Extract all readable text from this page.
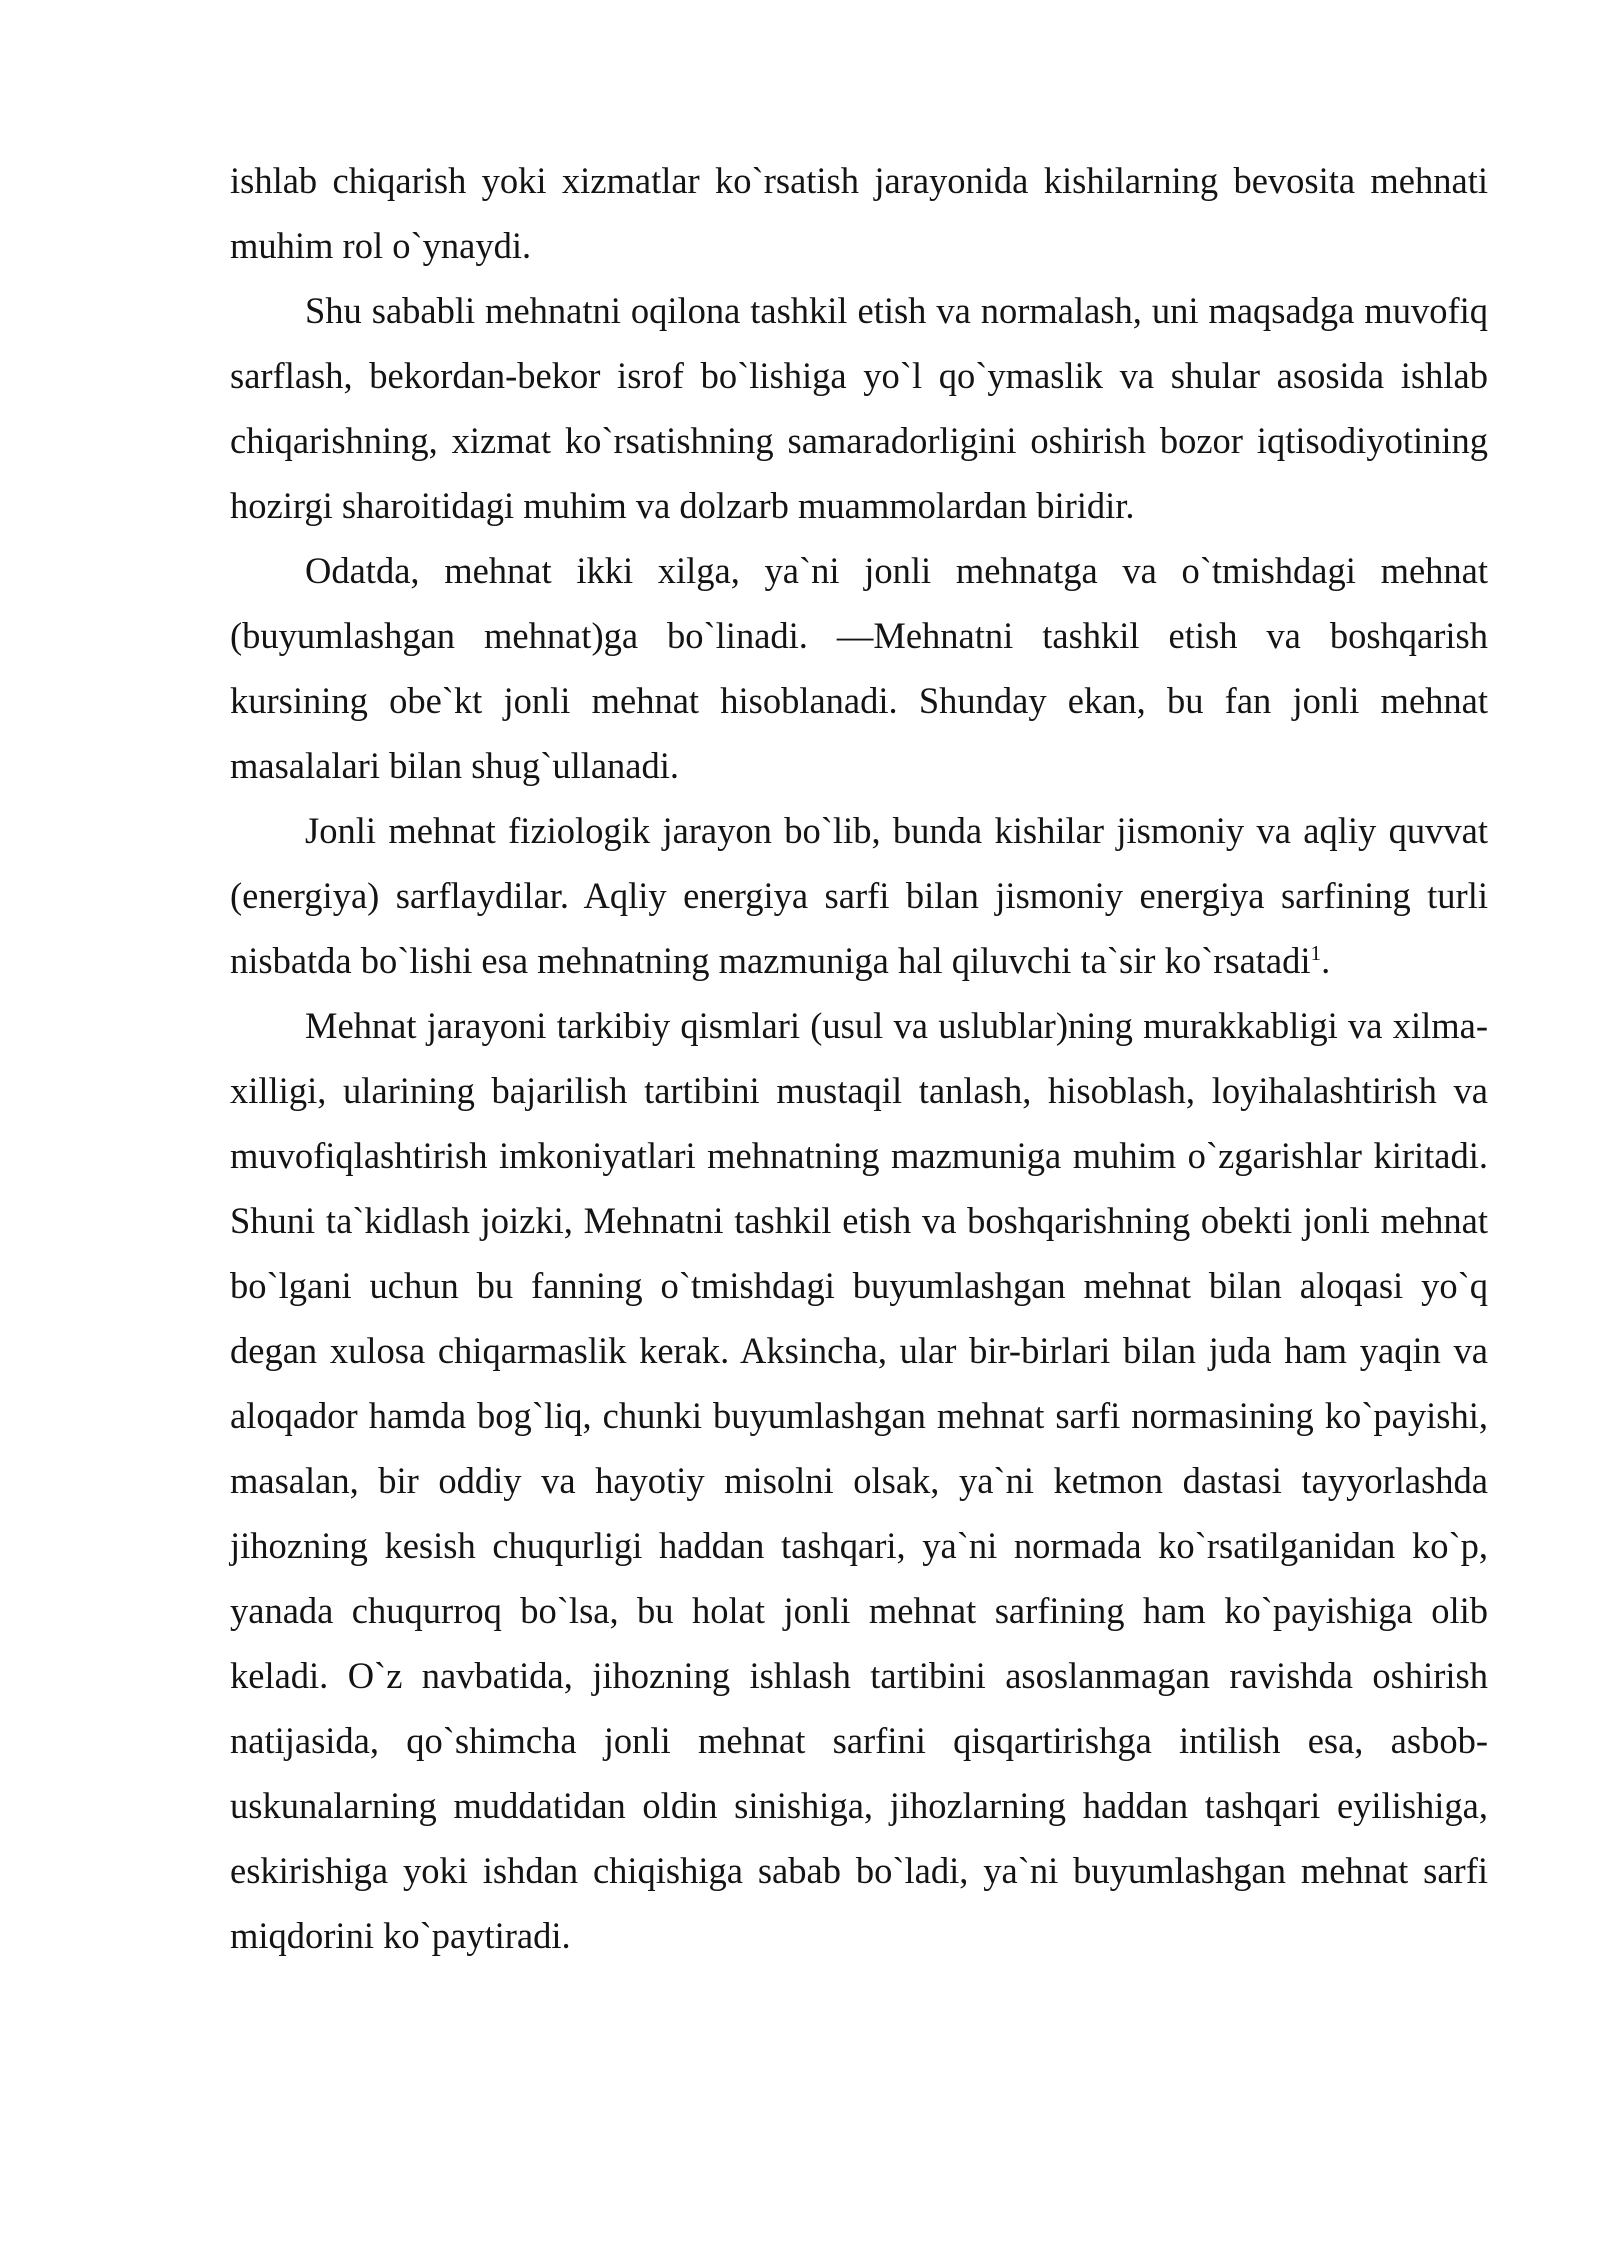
ishlab chiqarish yoki xizmatlar ko`rsatish jarayonida kishilarning bevosita mehnati muhim rol o`ynaydi.

Shu sababli mehnatni oqilona tashkil etish va normalash, uni maqsadga muvofiq sarflash, bekordan-bekor isrof bo`lishiga yo`l qo`ymaslik va shular asosida ishlab chiqarishning, xizmat ko`rsatishning samaradorligini oshirish bozor iqtisodiyotining hozirgi sharoitidagi muhim va dolzarb muammolardan biridir.

Odatda, mehnat ikki xilga, ya`ni jonli mehnatga va o`tmishdagi mehnat (buyumlashgan mehnat)ga bo`linadi. ―Mehnatni tashkil etish va boshqarish kursining obe`kt jonli mehnat hisoblanadi. Shunday ekan, bu fan jonli mehnat masalalari bilan shug`ullanadi.

Jonli mehnat fiziologik jarayon bo`lib, bunda kishilar jismoniy va aqliy quvvat (energiya) sarflaydilar. Aqliy energiya sarfi bilan jismoniy energiya sarfining turli nisbatda bo`lishi esa mehnatning mazmuniga hal qiluvchi ta`sir ko`rsatadi$^1$.

Mehnat jarayoni tarkibiy qismlari (usul va uslublar)ning murakkabligi va xilma-xilligi, ularining bajarilish tartibini mustaqil tanlash, hisoblash, loyihalashtirish va muvofiqlashtirish imkoniyatlari mehnatning mazmuniga muhim o`zgarishlar kiritadi. Shuni ta`kidlash joizki, Mehnatni tashkil etish va boshqarishning obekti jonli mehnat bo`lgani uchun bu fanning o`tmishdagi buyumlashgan mehnat bilan aloqasi yo`q degan xulosa chiqarmaslik kerak. Aksincha, ular bir-birlari bilan juda ham yaqin va aloqador hamda bog`liq, chunki buyumlashgan mehnat sarfi normasining ko`payishi, masalan, bir oddiy va hayotiy misolni olsak, ya`ni ketmon dastasi tayyorlashda jihozning kesish chuqurligi haddan tashqari, ya`ni normada ko`rsatilganidan ko`p, yanada chuqurroq bo`lsa, bu holat jonli mehnat sarfining ham ko`payishiga olib keladi. O`z navbatida, jihozning ishlash tartibini asoslanmagan ravishda oshirish natijasida, qo`shimcha jonli mehnat sarfini qisqartirishga intilish esa, asbob-uskunalarning muddatidan oldin sinishiga, jihozlarning haddan tashqari eyilishiga, eskirishiga yoki ishdan chiqishiga sabab bo`ladi, ya`ni buyumlashgan mehnat sarfi miqdorini ko`paytiradi.
